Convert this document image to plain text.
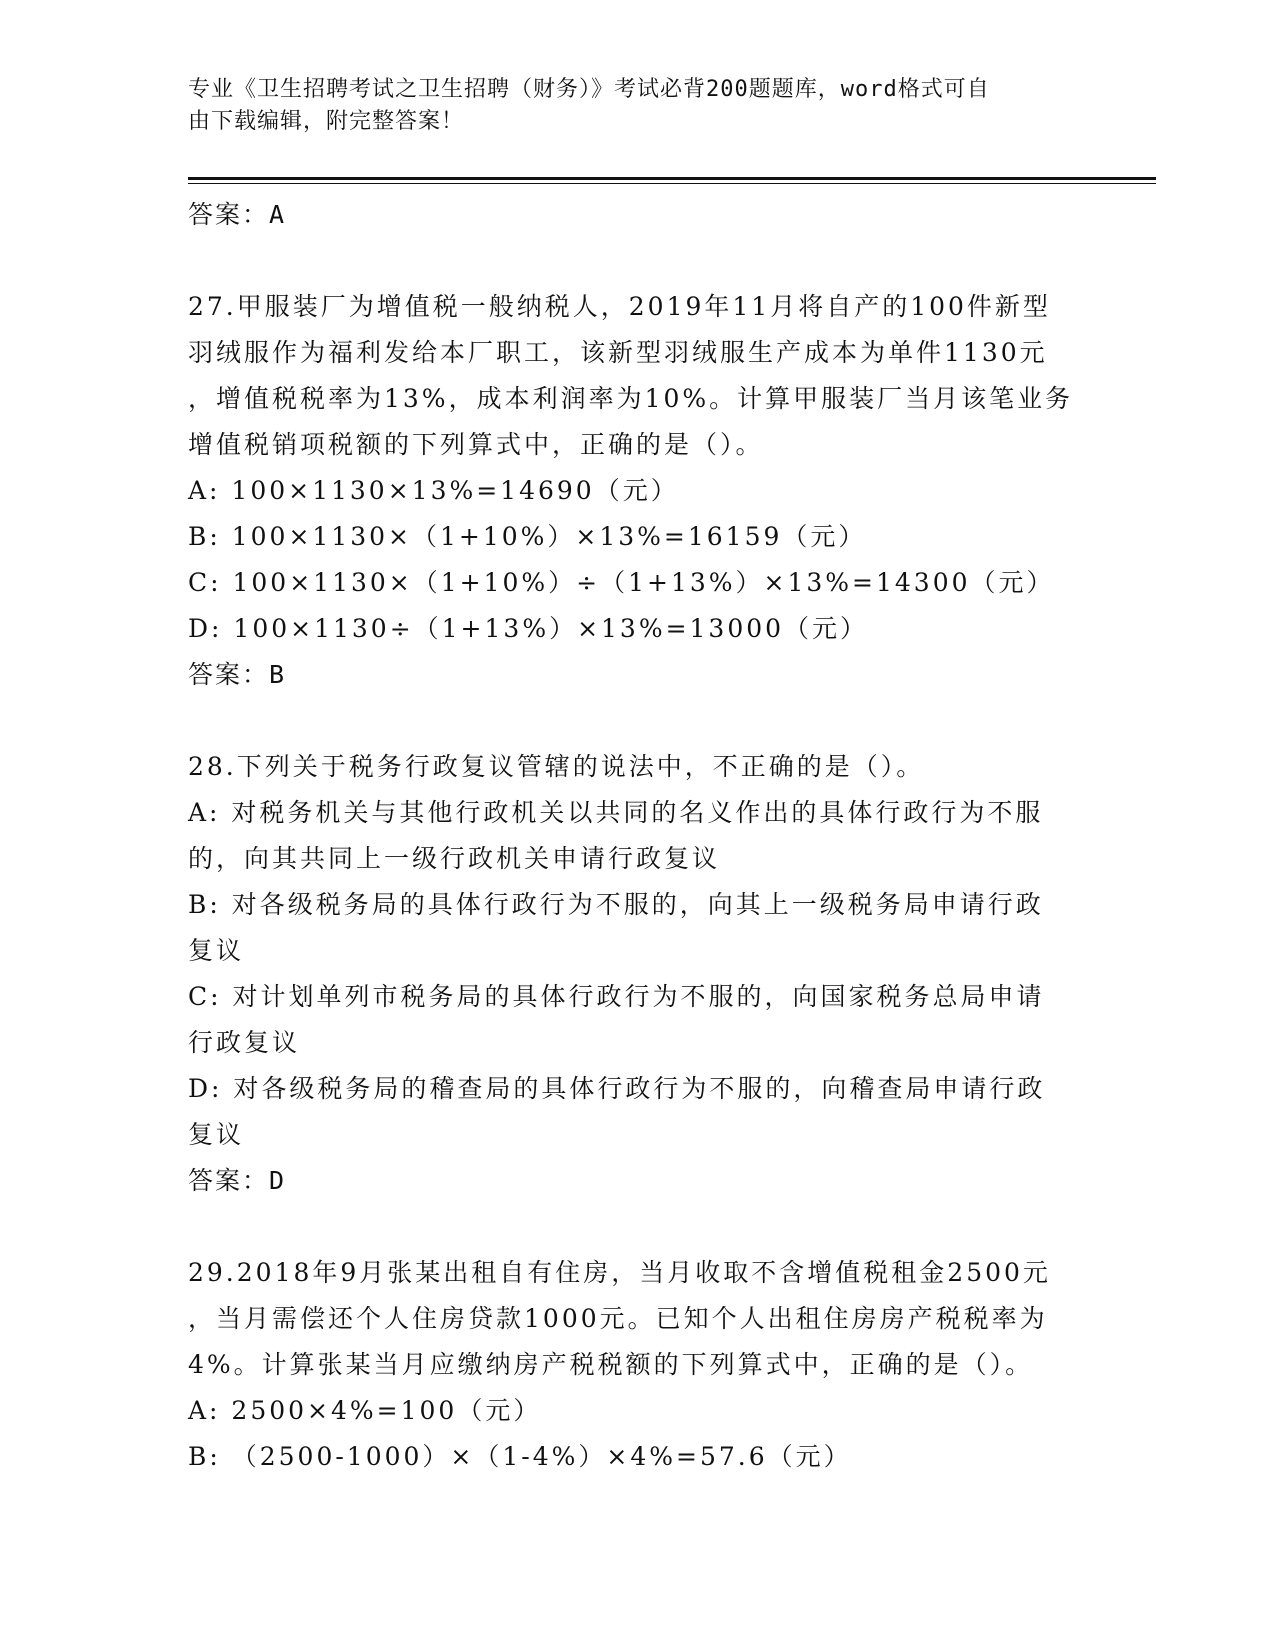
专业《卫生招聘考试之卫生招聘（财务）》考试必背200题题库，word格式可自
由下载编辑，附完整答案！
答案：A
27.甲服装厂为增值税一般纳税人，2019年11月将自产的100件新型
羽绒服作为福利发给本厂职工，该新型羽绒服生产成本为单件1130元
，增值税税率为13%，成本利润率为10%。计算甲服装厂当月该笔业务
增值税销项税额的下列算式中，正确的是（）。
A: 100×1130×13%=14690（元）
B: 100×1130×（1+10%）×13%=16159（元）
C: 100×1130×（1+10%）÷（1+13%）×13%=14300（元）
D: 100×1130÷（1+13%）×13%=13000（元）
答案：B
28.下列关于税务行政复议管辖的说法中，不正确的是（）。
A: 对税务机关与其他行政机关以共同的名义作出的具体行政行为不服
的，向其共同上一级行政机关申请行政复议
B: 对各级税务局的具体行政行为不服的，向其上一级税务局申请行政
复议
C: 对计划单列市税务局的具体行政行为不服的，向国家税务总局申请
行政复议
D: 对各级税务局的稽查局的具体行政行为不服的，向稽查局申请行政
复议
答案：D
29.2018年9月张某出租自有住房，当月收取不含增值税租金2500元
，当月需偿还个人住房贷款1000元。已知个人出租住房房产税税率为
4%。计算张某当月应缴纳房产税税额的下列算式中，正确的是（）。
A: 2500×4%=100（元）
B: （2500-1000）×（1-4%）×4%=57.6（元）
